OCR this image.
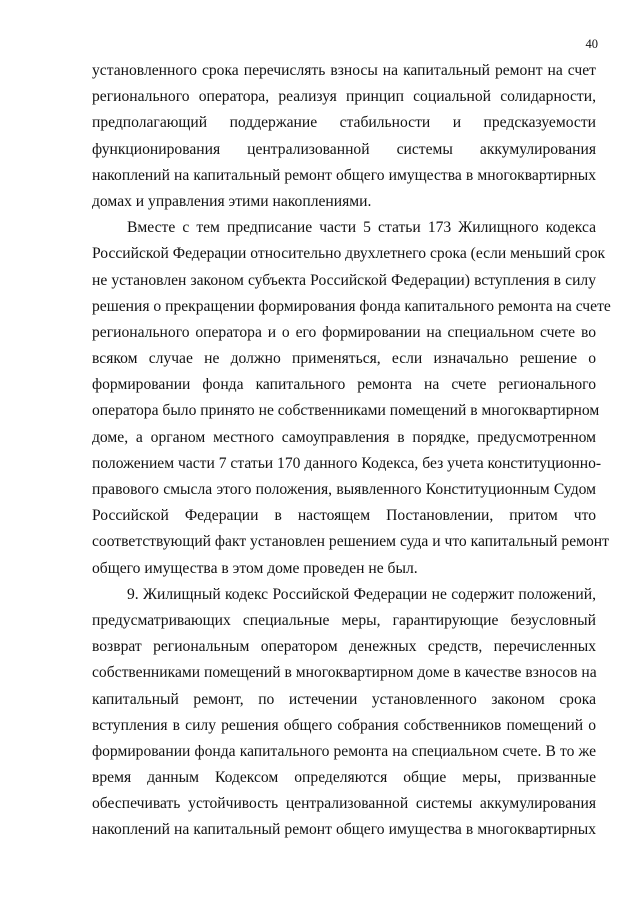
40
установленного срока перечислять взносы на капитальный ремонт на счет
регионального оператора, реализуя принцип социальной солидарности,
предполагающий поддержание стабильности и предсказуемости
функционирования централизованной системы аккумулирования
накоплений на капитальный ремонт общего имущества в многоквартирных
домах и управления этими накоплениями.
Вместе с тем предписание части 5 статьи 173 Жилищного кодекса
Российской Федерации относительно двухлетнего срока (если меньший срок
не установлен законом субъекта Российской Федерации) вступления в силу
решения о прекращении формирования фонда капитального ремонта на счете
регионального оператора и о его формировании на специальном счете во
всяком случае не должно применяться, если изначально решение о
формировании фонда капитального ремонта на счете регионального
оператора было принято не собственниками помещений в многоквартирном
доме, а органом местного самоуправления в порядке, предусмотренном
положением части 7 статьи 170 данного Кодекса, без учета конституционно-
правового смысла этого положения, выявленного Конституционным Судом
Российской Федерации в настоящем Постановлении, притом что
соответствующий факт установлен решением суда и что капитальный ремонт
общего имущества в этом доме проведен не был.
9. Жилищный кодекс Российской Федерации не содержит положений,
предусматривающих специальные меры, гарантирующие безусловный
возврат региональным оператором денежных средств, перечисленных
собственниками помещений в многоквартирном доме в качестве взносов на
капитальный ремонт, по истечении установленного законом срока
вступления в силу решения общего собрания собственников помещений о
формировании фонда капитального ремонта на специальном счете. В то же
время данным Кодексом определяются общие меры, призванные
обеспечивать устойчивость централизованной системы аккумулирования
накоплений на капитальный ремонт общего имущества в многоквартирных
